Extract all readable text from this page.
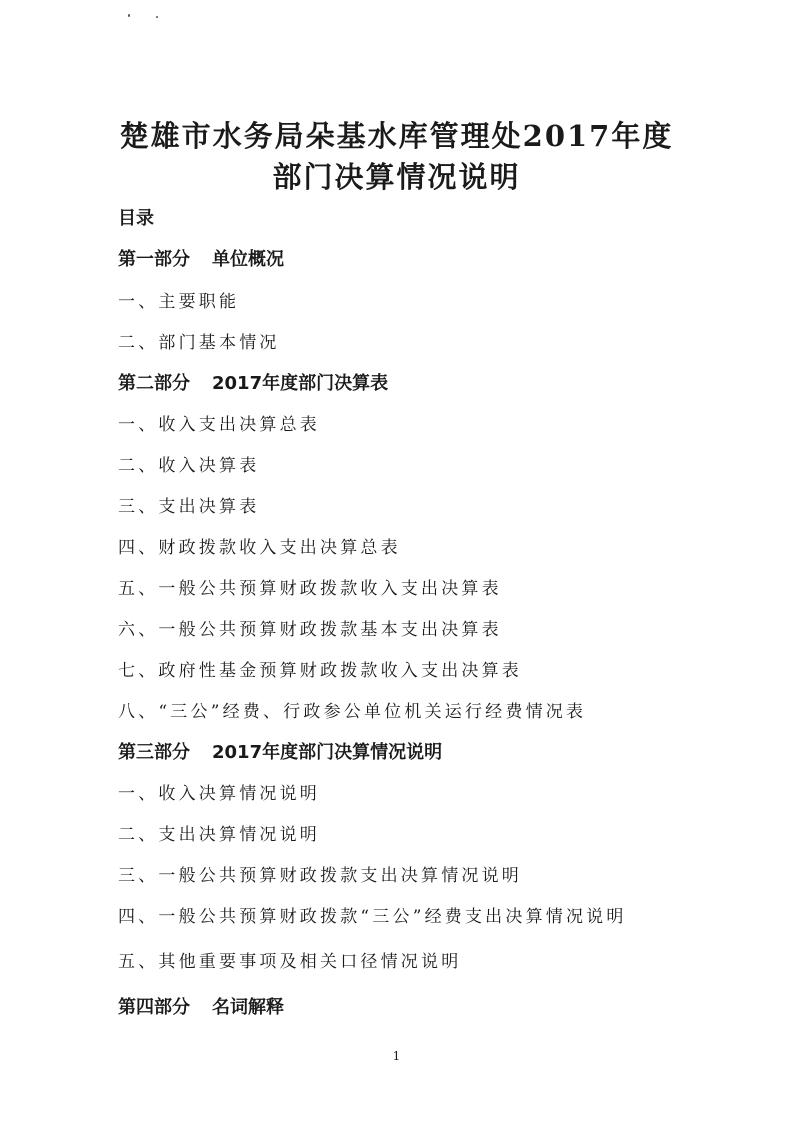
楚雄市水务局朵基水库管理处2017年度
部门决算情况说明
目录
第一部分 单位概况
一、主要职能
二、部门基本情况
第二部分 2017年度部门决算表
一、收入支出决算总表
二、收入决算表
三、支出决算表
四、财政拨款收入支出决算总表
五、一般公共预算财政拨款收入支出决算表
六、一般公共预算财政拨款基本支出决算表
七、政府性基金预算财政拨款收入支出决算表
八、“三公”经费、行政参公单位机关运行经费情况表
第三部分 2017年度部门决算情况说明
一、收入决算情况说明
二、支出决算情况说明
三、一般公共预算财政拨款支出决算情况说明
四、一般公共预算财政拨款“三公”经费支出决算情况说明
五、其他重要事项及相关口径情况说明
第四部分 名词解释
1
